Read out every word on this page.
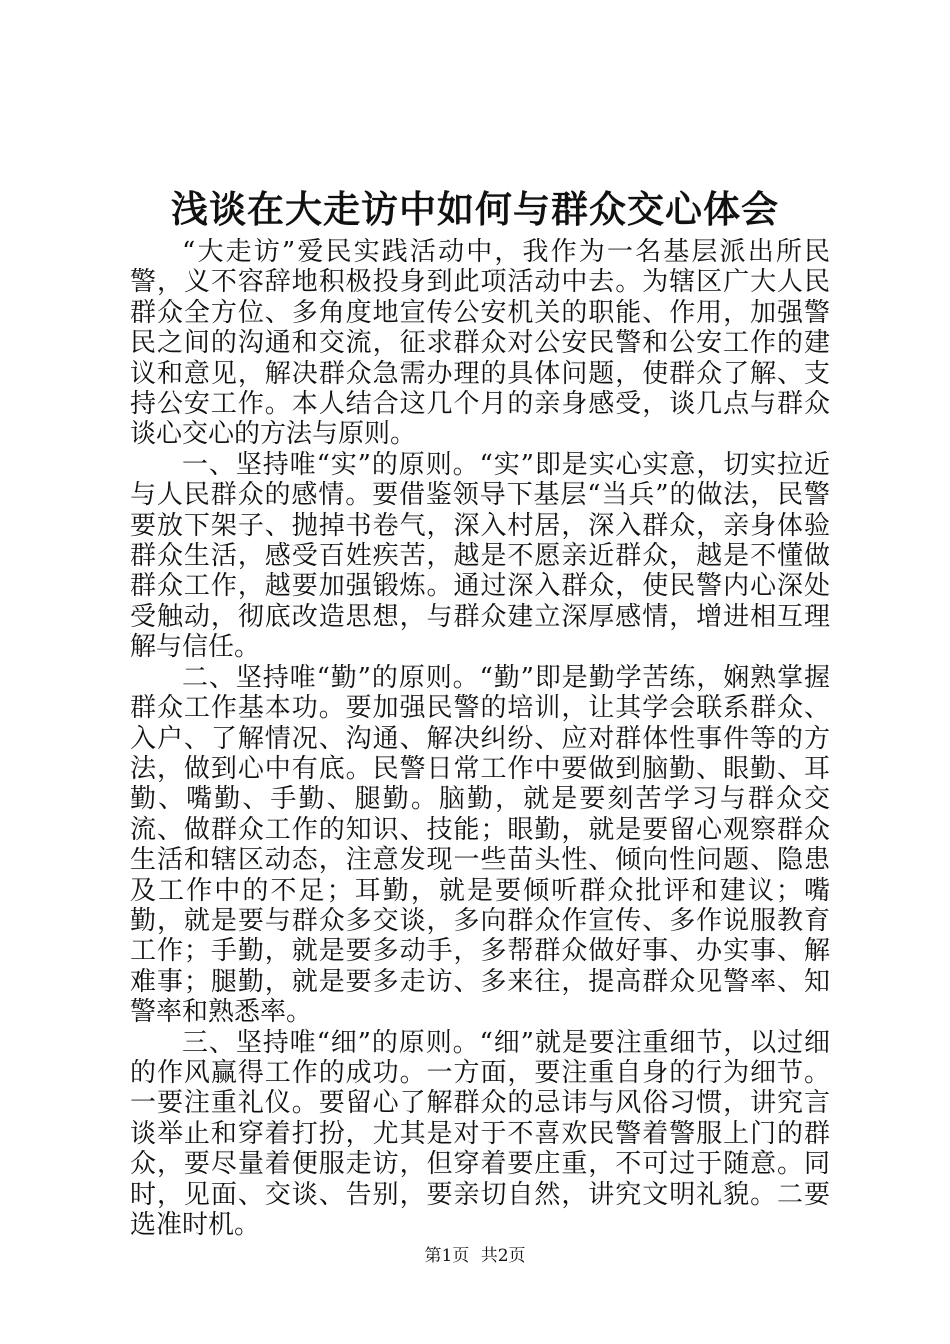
浅谈在大走访中如何与群众交心体会

“大走访”爱民实践活动中，我作为一名基层派出所民警，义不容辞地积极投身到此项活动中去。为辖区广大人民群众全方位、多角度地宣传公安机关的职能、作用，加强警民之间的沟通和交流，征求群众对公安民警和公安工作的建议和意见，解决群众急需办理的具体问题，使群众了解、支持公安工作。本人结合这几个月的亲身感受，谈几点与群众谈心交心的方法与原则。

一、坚持唯“实”的原则。“实”即是实心实意，切实拉近与人民群众的感情。要借鉴领导下基层“当兵”的做法，民警要放下架子、抛掉书卷气，深入村居，深入群众，亲身体验群众生活，感受百姓疾苦，越是不愿亲近群众，越是不懂做群众工作，越要加强锻炼。通过深入群众，使民警内心深处受触动，彻底改造思想，与群众建立深厚感情，增进相互理解与信任。

二、坚持唯“勤”的原则。“勤”即是勤学苦练，娴熟掌握群众工作基本功。要加强民警的培训，让其学会联系群众、入户、了解情况、沟通、解决纠纷、应对群体性事件等的方法，做到心中有底。民警日常工作中要做到脑勤、眼勤、耳勤、嘴勤、手勤、腿勤。脑勤，就是要刻苦学习与群众交流、做群众工作的知识、技能；眼勤，就是要留心观察群众生活和辖区动态，注意发现一些苗头性、倾向性问题、隐患及工作中的不足；耳勤，就是要倾听群众批评和建议；嘴勤，就是要与群众多交谈，多向群众作宣传、多作说服教育工作；手勤，就是要多动手，多帮群众做好事、办实事、解难事；腿勤，就是要多走访、多来往，提高群众见警率、知警率和熟悉率。

三、坚持唯“细”的原则。“细”就是要注重细节，以过细的作风赢得工作的成功。一方面，要注重自身的行为细节。一要注重礼仪。要留心了解群众的忌讳与风俗习惯，讲究言谈举止和穿着打扮，尤其是对于不喜欢民警着警服上门的群众，要尽量着便服走访，但穿着要庄重，不可过于随意。同时，见面、交谈、告别，要亲切自然，讲究文明礼貌。二要选准时机。

第1页 共2页
